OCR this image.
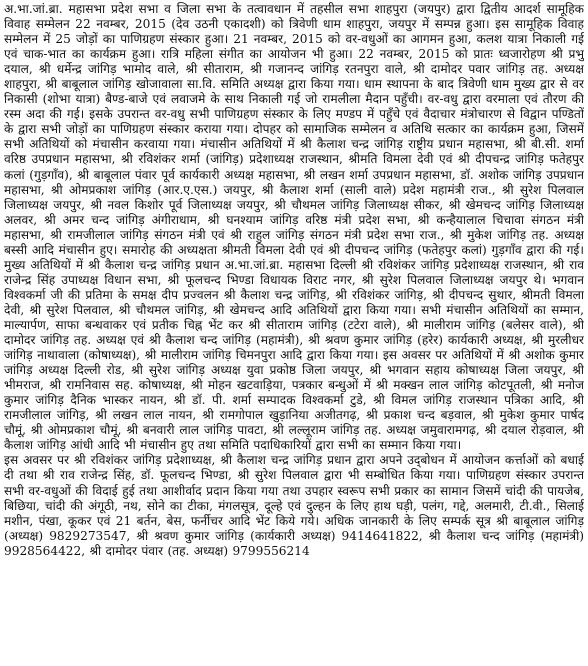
अ.भा.जां.ब्रा. महासभा प्रदेश सभा व जिला सभा के तत्वावधान में तहसील सभा शाहपुरा (जयपुर) द्वारा द्वितीय आदर्श सामूहिक विवाह सम्मेलन 22 नवम्बर, 2015 (देव उठनी एकादशी) को त्रिवेणी धाम शाहपुरा, जयपुर में सम्पन्न हुआ। इस सामूहिक विवाह सम्मेलन में 25 जोड़ों का पाणिग्रहण संस्कार हुआ। 21 नवम्बर, 2015 को वर-वधुओं का आगमन हुआ, कलश यात्रा निकाली गई एवं चाक-भात का कार्यक्रम हुआ। रात्रि महिला संगीत का आयोजन भी हुआ। 22 नवम्बर, 2015 को प्रातः ध्वजारोहण श्री प्रभु दयाल, श्री धर्मेन्द्र जांगिड़ भामोद वाले, श्री सीताराम, श्री गजानन्द जांगिड़ रतनपुरा वाले, श्री दामोदर पवार जांगिड़ तह. अध्यक्ष शाहपुरा, श्री बाबूलाल जांगिड़ खोजावाला सा.वि. समिति अध्यक्ष द्वारा किया गया। धाम स्थापना के बाद त्रिवेणी धाम मुख्य द्वार से वर निकासी (शोभा यात्रा) बैण्ड-बाजे एवं लवाजमे के साथ निकाली गई जो रामलीला मैदान पहुँची। वर-वधु द्वारा वरमाला एवं तौरण की रस्म अदा की गई। इसके उपरान्त वर-वधु सभी पाणिग्रहण संस्कार के लिए मण्डप में पहुँचे एवं वैदाचार मंत्रोचारण से विद्वान पण्डितों के द्वारा सभी जोड़ों का पाणिग्रहण संस्कार कराया गया। दोपहर को सामाजिक सम्मेलन व अतिथि सत्कार का कार्यक्रम हुआ, जिसमें सभी अतिथियों को मंचासीन करवाया गया। मंचासीन अतिथियों में श्री कैलाश चन्द्र जांगिड़ राष्ट्रीय प्रधान महासभा, श्री बी.सी. शर्मा वरिष्ठ उपप्रधान महासभा, श्री रविशंकर शर्मा (जांगिड़) प्रदेशाध्यक्ष राजस्थान, श्रीमति विमला देवी एवं श्री दीपचन्द्र जांगिड़ फतेहपुर कलां (गुड़गाँव), श्री बाबूलाल पंवार पूर्व कार्यकारी अध्यक्ष महासभा, श्री लखन शर्मा उपप्रधान महासभा, डॉ. अशोक जांगिड़ उपप्रधान महासभा, श्री ओमप्रकाश जांगिड़ (आर.ए.एस.) जयपुर, श्री कैलाश शर्मा (साली वाले) प्रदेश महामंत्री राज., श्री सुरेश पिलवाल जिलाध्यक्ष जयपुर, श्री नवल किशोर पूर्व जिलाध्यक्ष जयपुर, श्री चौथमल जांगिड़ जिलाध्यक्ष सीकर, श्री खेमचन्द जांगिड़ जिलाध्यक्ष अलवर, श्री अमर चन्द जांगिड़ अंगीराधाम, श्री घनश्याम जांगिड़ वरिष्ठ मंत्री प्रदेश सभा, श्री कन्हैयालाल चिचावा संगठन मंत्री महासभा, श्री रामजीलाल जांगिड़ संगठन मंत्री एवं श्री राहुल जांगिड़ संगठन मंत्री प्रदेश सभा राज., श्री मुकेश जांगिड़ तह. अध्यक्ष बस्सी आदि मंचासीन हुए। समारोह की अध्यक्षता श्रीमती विमला देवी एवं श्री दीपचन्द जांगिड़ (फतेहपुर कलां) गुड़गाँव द्वारा की गई। मुख्य अतिथियों में श्री कैलाश चन्द्र जांगिड़ प्रधान अ.भा.जां.ब्रा. महासभा दिल्ली श्री रविशंकर जांगिड़ प्रदेशाध्यक्ष राजस्थान, श्री राव राजेन्द्र सिंह उपाध्यक्ष विधान सभा, श्री फूलचन्द भिण्डा विधायक विराट नगर, श्री सुरेश पिलवाल जिलाध्यक्ष जयपुर थे। भगवान विश्वकर्मा जी की प्रतिमा के समक्ष दीप प्रज्वलन श्री कैलाश चन्द्र जांगिड़, श्री रविशंकर जांगिड़, श्री दीपचन्द सुथार, श्रीमती विमला देवी, श्री सुरेश पिलवाल, श्री चौथमल जांगिड़, श्री खेमचन्द आदि अतिथियों द्वारा किया गया। सभी मंचासीन अतिथियों का सम्मान, माल्यार्पण, साफा बन्धवाकर एवं प्रतीक चिह्न भेंट कर श्री सीताराम जांगिड़ (टटेरा वाले), श्री मालीराम जांगिड़ (बलेसर वाले), श्री दामोदर जांगिड़ तह. अध्यक्ष एवं श्री कैलाश चन्द जांगिड़ (महामंत्री), श्री श्रवण कुमार जांगिड़ (हरेर) कार्यकारी अध्यक्ष, श्री मुरलीधर जांगिड़ नाथावाला (कोषाध्यक्ष), श्री मालीराम जांगिड़ चिमनपुरा आदि द्वारा किया गया। इस अवसर पर अतिथियों में श्री अशोक कुमार जांगिड़ अध्यक्ष दिल्ली रोड, श्री सुरेश जांगिड़ अध्यक्ष युवा प्रकोष्ठ जिला जयपुर, श्री भगवान सहाय कोषाध्यक्ष जिला जयपुर, श्री भीमराज, श्री रामनिवास सह. कोषाध्यक्ष, श्री मोहन खटवाड़िया, पत्रकार बन्धुओं में श्री मक्खन लाल जांगिड़ कोटपूतली, श्री मनोज कुमार जांगिड़ दैनिक भास्कर नायन, श्री डॉ. पी. शर्मा सम्पादक विश्वकर्मा टुडे, श्री विमल जांगिड़ राजस्थान पत्रिका आदि, श्री रामजीलाल जांगिड़, श्री लखन लाल नायन, श्री रामगोपाल खुड़ानिया अजीतगढ़, श्री प्रकाश चन्द बड़वाल, श्री मुकेश कुमार पार्षद चौमूं, श्री ओमप्रकाश चौमूं, श्री बनवारी लाल जांगिड़ पावटा, श्री लल्लूराम जांगिड़ तह. अध्यक्ष जमुवारामगढ़, श्री दयाल रोड़वाल, श्री कैलाश जांगिड़ आंधी आदि भी मंचासीन हुए तथा समिति पदाधिकारियों द्वारा सभी का सम्मान किया गया।

इस अवसर पर श्री रविशंकर जांगिड़ प्रदेशाध्यक्ष, श्री कैलाश चन्द्र जांगिड़ प्रधान द्वारा अपने उद्‌बोधन में आयोजन कर्त्ताओं को बधाई दी तथा श्री राव राजेन्द्र सिंह, डॉ. फूलचन्द भिण्डा, श्री सुरेश पिलवाल द्वारा भी सम्बोधित किया गया। पाणिग्रहण संस्कार उपरान्त सभी वर-वधुओं की विदाई हुई तथा आशीर्वाद प्रदान किया गया तथा उपहार स्वरूप सभी प्रकार का सामान जिसमें चांदी की पायजेब, बिछिया, चांदी की अंगूठी, नथ, सोने का टीका, मंगलसूत्र, दूल्हे एवं दुल्हन के लिए हाथ घड़ी, पलंग, गद्दे, अलमारी, टी.वी., सिलाई मशीन, पंखा, कूकर एवं 21 बर्तन, बेस, फर्नीचर आदि भेंट किये गये। अधिक जानकारी के लिए सम्पर्क सूत्र श्री बाबूलाल जांगिड़ (अध्यक्ष) 9829273547, श्री श्रवण कुमार जांगिड़ (कार्यकारी अध्यक्ष) 9414641822, श्री कैलाश चन्द जांगिड़ (महामंत्री) 9928564422, श्री दामोदर पंवार (तह. अध्यक्ष) 9799556214
